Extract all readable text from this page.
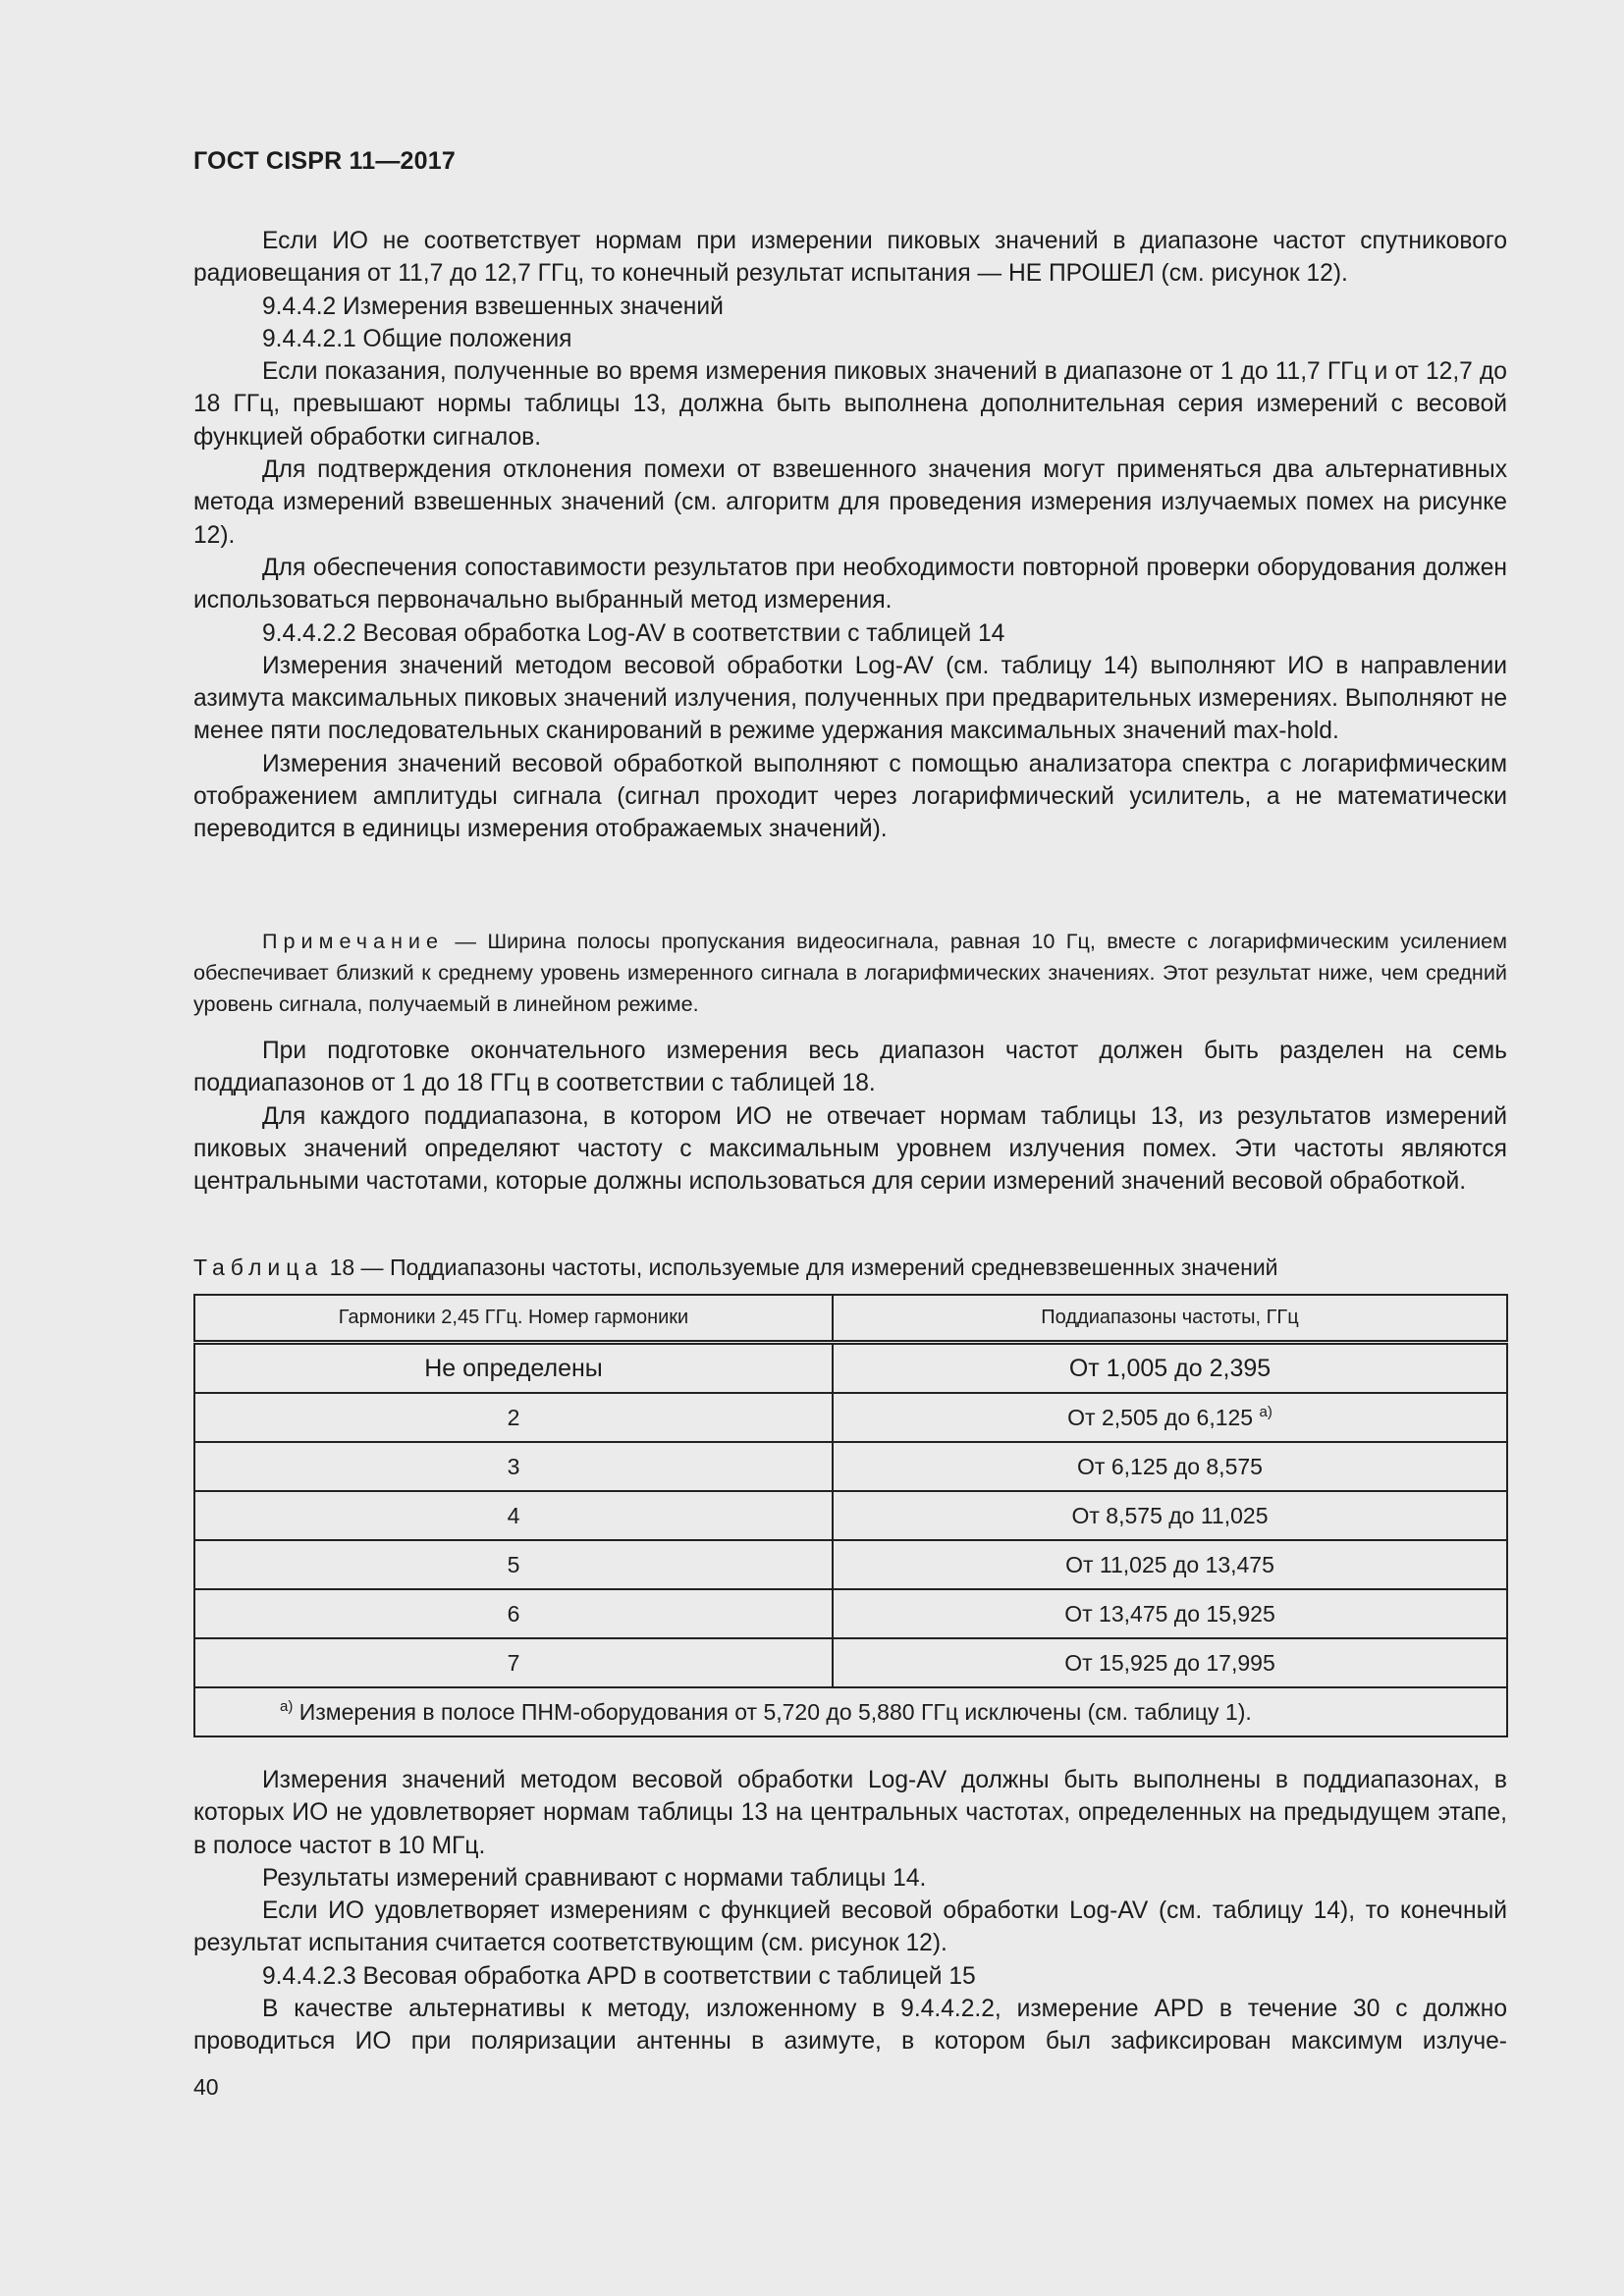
ГОСТ CISPR 11—2017

Если ИО не соответствует нормам при измерении пиковых значений в диапазоне частот спутникового радиовещания от 11,7 до 12,7 ГГц, то конечный результат испытания — НЕ ПРОШЕЛ (см. рисунок 12).

9.4.4.2 Измерения взвешенных значений

9.4.4.2.1 Общие положения

Если показания, полученные во время измерения пиковых значений в диапазоне от 1 до 11,7 ГГц и от 12,7 до 18 ГГц, превышают нормы таблицы 13, должна быть выполнена дополнительная серия измерений с весовой функцией обработки сигналов.

Для подтверждения отклонения помехи от взвешенного значения могут применяться два альтернативных метода измерений взвешенных значений (см. алгоритм для проведения измерения излучаемых помех на рисунке 12).

Для обеспечения сопоставимости результатов при необходимости повторной проверки оборудования должен использоваться первоначально выбранный метод измерения.

9.4.4.2.2 Весовая обработка Log-AV в соответствии с таблицей 14

Измерения значений методом весовой обработки Log-AV (см. таблицу 14) выполняют ИО в направлении азимута максимальных пиковых значений излучения, полученных при предварительных измерениях. Выполняют не менее пяти последовательных сканирований в режиме удержания максимальных значений max-hold.

Измерения значений весовой обработкой выполняют с помощью анализатора спектра с логарифмическим отображением амплитуды сигнала (сигнал проходит через логарифмический усилитель, а не математически переводится в единицы измерения отображаемых значений).

Примечание — Ширина полосы пропускания видеосигнала, равная 10 Гц, вместе с логарифмическим усилением обеспечивает близкий к среднему уровень измеренного сигнала в логарифмических значениях. Этот результат ниже, чем средний уровень сигнала, получаемый в линейном режиме.

При подготовке окончательного измерения весь диапазон частот должен быть разделен на семь поддиапазонов от 1 до 18 ГГц в соответствии с таблицей 18.

Для каждого поддиапазона, в котором ИО не отвечает нормам таблицы 13, из результатов измерений пиковых значений определяют частоту с максимальным уровнем излучения помех. Эти частоты являются центральными частотами, которые должны использоваться для серии измерений значений весовой обработкой.

Таблица 18 — Поддиапазоны частоты, используемые для измерений средневзвешенных значений
Гармоники 2,45 ГГц. Номер гармоники	Поддиапазоны частоты, ГГц
Не определены	От 1,005 до 2,395
2	От 2,505 до 6,125 $^{a)}$
3	От 6,125 до 8,575
4	От 8,575 до 11,025
5	От 11,025 до 13,475
6	От 13,475 до 15,925
7	От 15,925 до 17,995
$^{a)}$ Измерения в полосе ПНМ-оборудования от 5,720 до 5,880 ГГц исключены (см. таблицу 1).	

Измерения значений методом весовой обработки Log-AV должны быть выполнены в поддиапазонах, в которых ИО не удовлетворяет нормам таблицы 13 на центральных частотах, определенных на предыдущем этапе, в полосе частот в 10 МГц.

Результаты измерений сравнивают с нормами таблицы 14.

Если ИО удовлетворяет измерениям с функцией весовой обработки Log-AV (см. таблицу 14), то конечный результат испытания считается соответствующим (см. рисунок 12).

9.4.4.2.3 Весовая обработка APD в соответствии с таблицей 15

В качестве альтернативы к методу, изложенному в 9.4.4.2.2, измерение APD в течение 30 с должно проводиться ИО при поляризации антенны в азимуте, в котором был зафиксирован максимум излуче-

40
